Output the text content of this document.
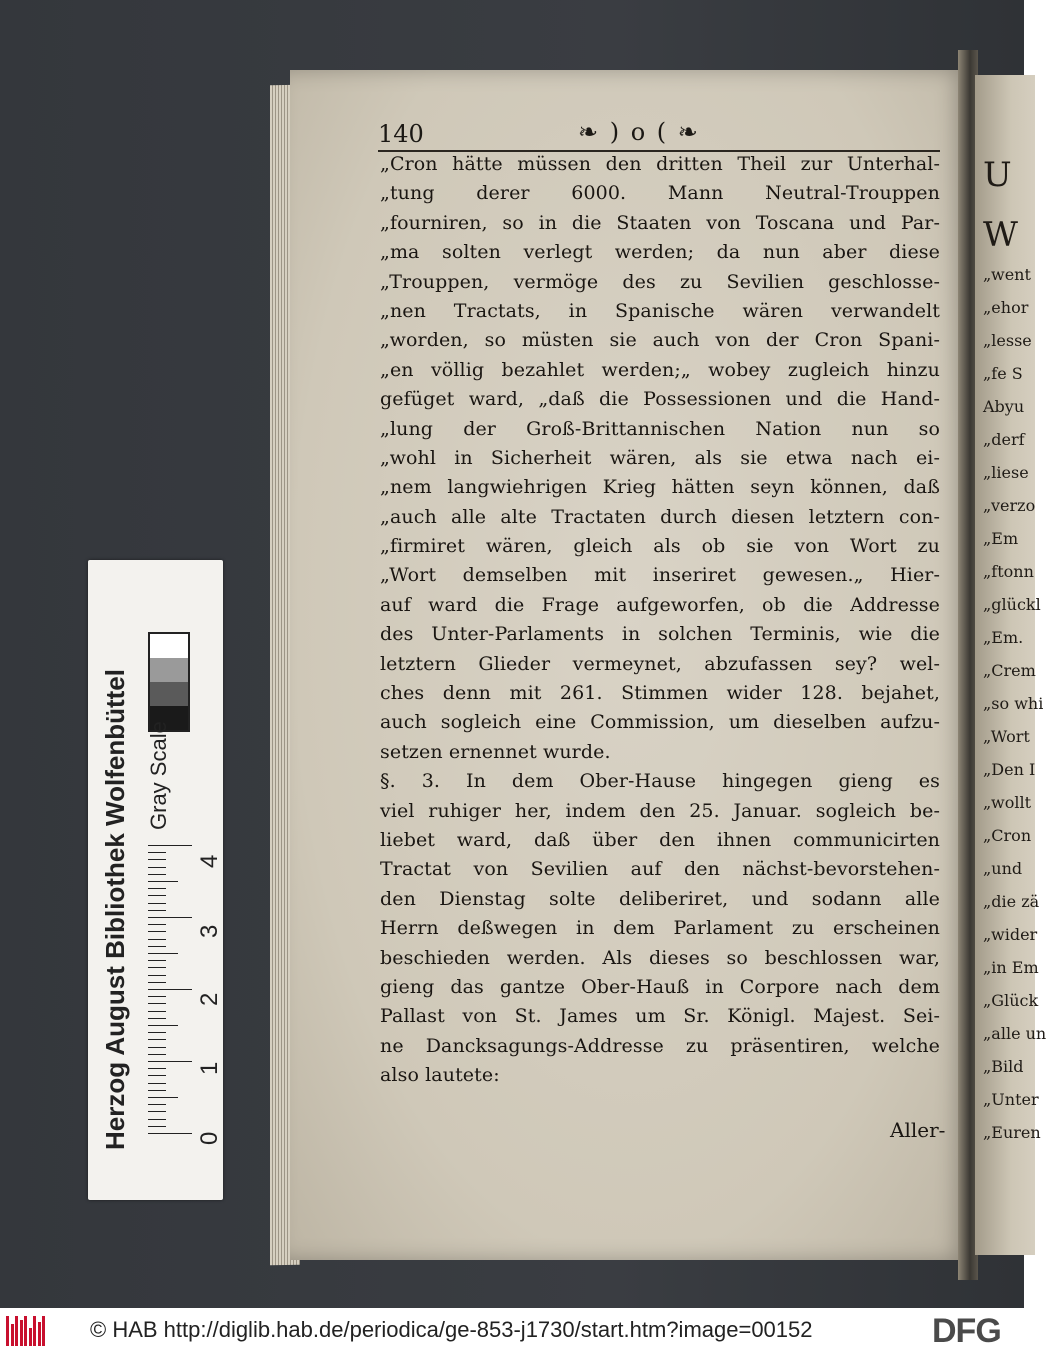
Herzog August Bibliothek Wolfenbüttel Gray Scale
4
3
2
1
0
U
W
„went
„ehor
„lesse
„fe S
Abyu
„derf
„liese
„verzo
„Em
„ftonn
„glückl
„Em.
„Crem
„so whi
„Wort
„Den I
„wollt
„Cron
„und
„die zä
„wider
„in Em
„Glück
„alle un
„Bild
„Unter
„Euren
140	❧ ) o ( ❧
„Cron hätte müssen den dritten Theil zur Unterhal-
„tung derer 6000. Mann Neutral-Trouppen
„fourniren, so in die Staaten von Toscana und Par-
„ma solten verlegt werden; da nun aber diese
„Trouppen, vermöge des zu Sevilien geschlosse-
„nen Tractats, in Spanische wären verwandelt
„worden, so müsten sie auch von der Cron Spani-
„en völlig bezahlet werden;„ wobey zugleich hinzu
gefüget ward, „daß die Possessionen und die Hand-
„lung der Groß-Brittannischen Nation nun so
„wohl in Sicherheit wären, als sie etwa nach ei-
„nem langwiehrigen Krieg hätten seyn können, daß
„auch alle alte Tractaten durch diesen letztern con-
„firmiret wären, gleich als ob sie von Wort zu
„Wort demselben mit inseriret gewesen.„ Hier-
auf ward die Frage aufgeworfen, ob die Addresse
des Unter-Parlaments in solchen Terminis, wie die
letztern Glieder vermeynet, abzufassen sey? wel-
ches denn mit 261. Stimmen wider 128. bejahet,
auch sogleich eine Commission, um dieselben aufzu-
setzen ernennet wurde.
§. 3. In dem Ober-Hause hingegen gieng es
viel ruhiger her, indem den 25. Januar. sogleich be-
liebet ward, daß über den ihnen communicirten
Tractat von Sevilien auf den nächst-bevorstehen-
den Dienstag solte deliberiret, und sodann alle
Herrn deßwegen in dem Parlament zu erscheinen
beschieden werden. Als dieses so beschlossen war,
gieng das gantze Ober-Hauß in Corpore nach dem
Pallast von St. James um Sr. Königl. Majest. Sei-
ne Dancksagungs-Addresse zu präsentiren, welche
also lautete:
Aller-
© HAB http://diglib.hab.de/periodica/ge-853-j1730/start.htm?image=00152	DFG
